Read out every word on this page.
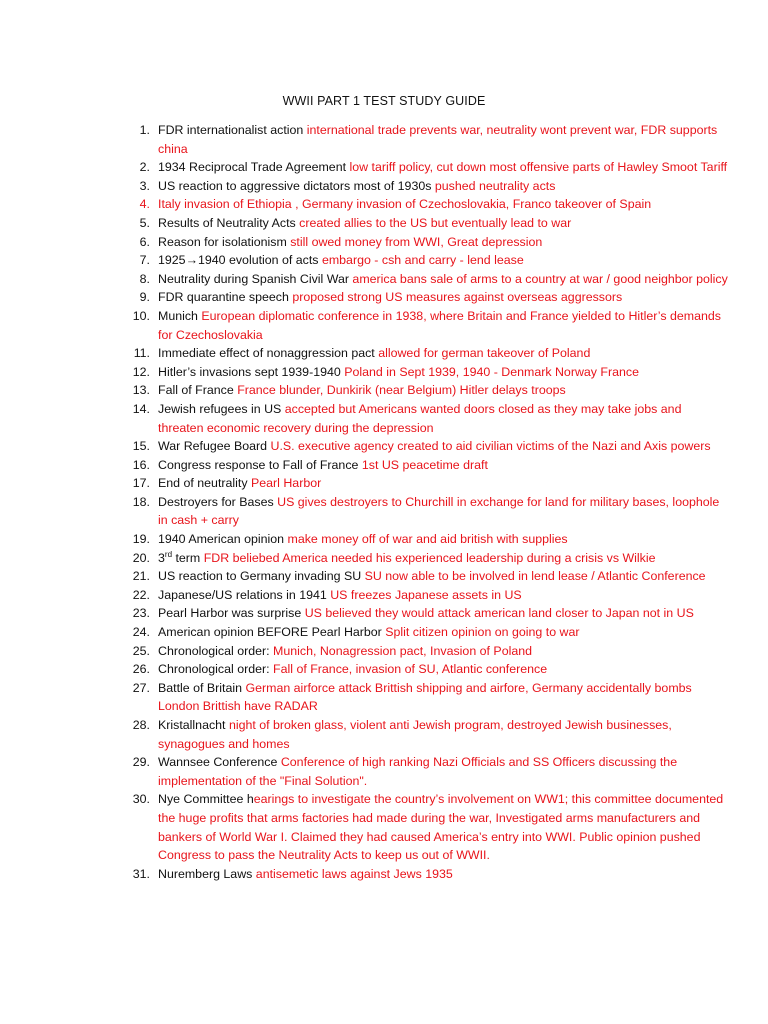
WWII PART 1 TEST STUDY GUIDE
1. FDR internationalist action international trade prevents war, neutrality wont prevent war, FDR supports china
2. 1934 Reciprocal Trade Agreement low tariff policy, cut down most offensive parts of Hawley Smoot Tariff
3. US reaction to aggressive dictators most of 1930s pushed neutrality acts
4. Italy invasion of Ethiopia , Germany invasion of Czechoslovakia, Franco takeover of Spain
5. Results of Neutrality Acts created allies to the US but eventually lead to war
6. Reason for isolationism still owed money from WWI, Great depression
7. 1925→1940 evolution of acts embargo - csh and carry - lend lease
8. Neutrality during Spanish Civil War america bans sale of arms to a country at war / good neighbor policy
9. FDR quarantine speech proposed strong US measures against overseas aggressors
10. Munich European diplomatic conference in 1938, where Britain and France yielded to Hitler’s demands for Czechoslovakia
11. Immediate effect of nonaggression pact allowed for german takeover of Poland
12. Hitler’s invasions sept 1939-1940 Poland in Sept 1939, 1940 - Denmark Norway France
13. Fall of France France blunder, Dunkirik (near Belgium) Hitler delays troops
14. Jewish refugees in US accepted but Americans wanted doors closed as they may take jobs and threaten economic recovery during the depression
15. War Refugee Board U.S. executive agency created to aid civilian victims of the Nazi and Axis powers
16. Congress response to Fall of France 1st US peacetime draft
17. End of neutrality Pearl Harbor
18. Destroyers for Bases US gives destroyers to Churchill in exchange for land for military bases, loophole in cash + carry
19. 1940 American opinion make money off of war and aid british with supplies
20. 3rd term FDR beliebed America needed his experienced leadership during a crisis vs Wilkie
21. US reaction to Germany invading SU SU now able to be involved in lend lease / Atlantic Conference
22. Japanese/US relations in 1941 US freezes Japanese assets in US
23. Pearl Harbor was surprise US believed they would attack american land closer to Japan not in US
24. American opinion BEFORE Pearl Harbor Split citizen opinion on going to war
25. Chronological order: Munich, Nonagression pact, Invasion of Poland
26. Chronological order: Fall of France, invasion of SU, Atlantic conference
27. Battle of Britain German airforce attack Brittish shipping and airfore, Germany accidentally bombs London Brittish have RADAR
28. Kristallnacht night of broken glass, violent anti Jewish program, destroyed Jewish businesses, synagogues and homes
29. Wannsee Conference Conference of high ranking Nazi Officials and SS Officers discussing the implementation of the "Final Solution".
30. Nye Committee hearings to investigate the country’s involvement on WW1; this committee documented the huge profits that arms factories had made during the war, Investigated arms manufacturers and bankers of World War I. Claimed they had caused America’s entry into WWI. Public opinion pushed Congress to pass the Neutrality Acts to keep us out of WWII.
31. Nuremberg Laws antisemetic laws against Jews 1935
